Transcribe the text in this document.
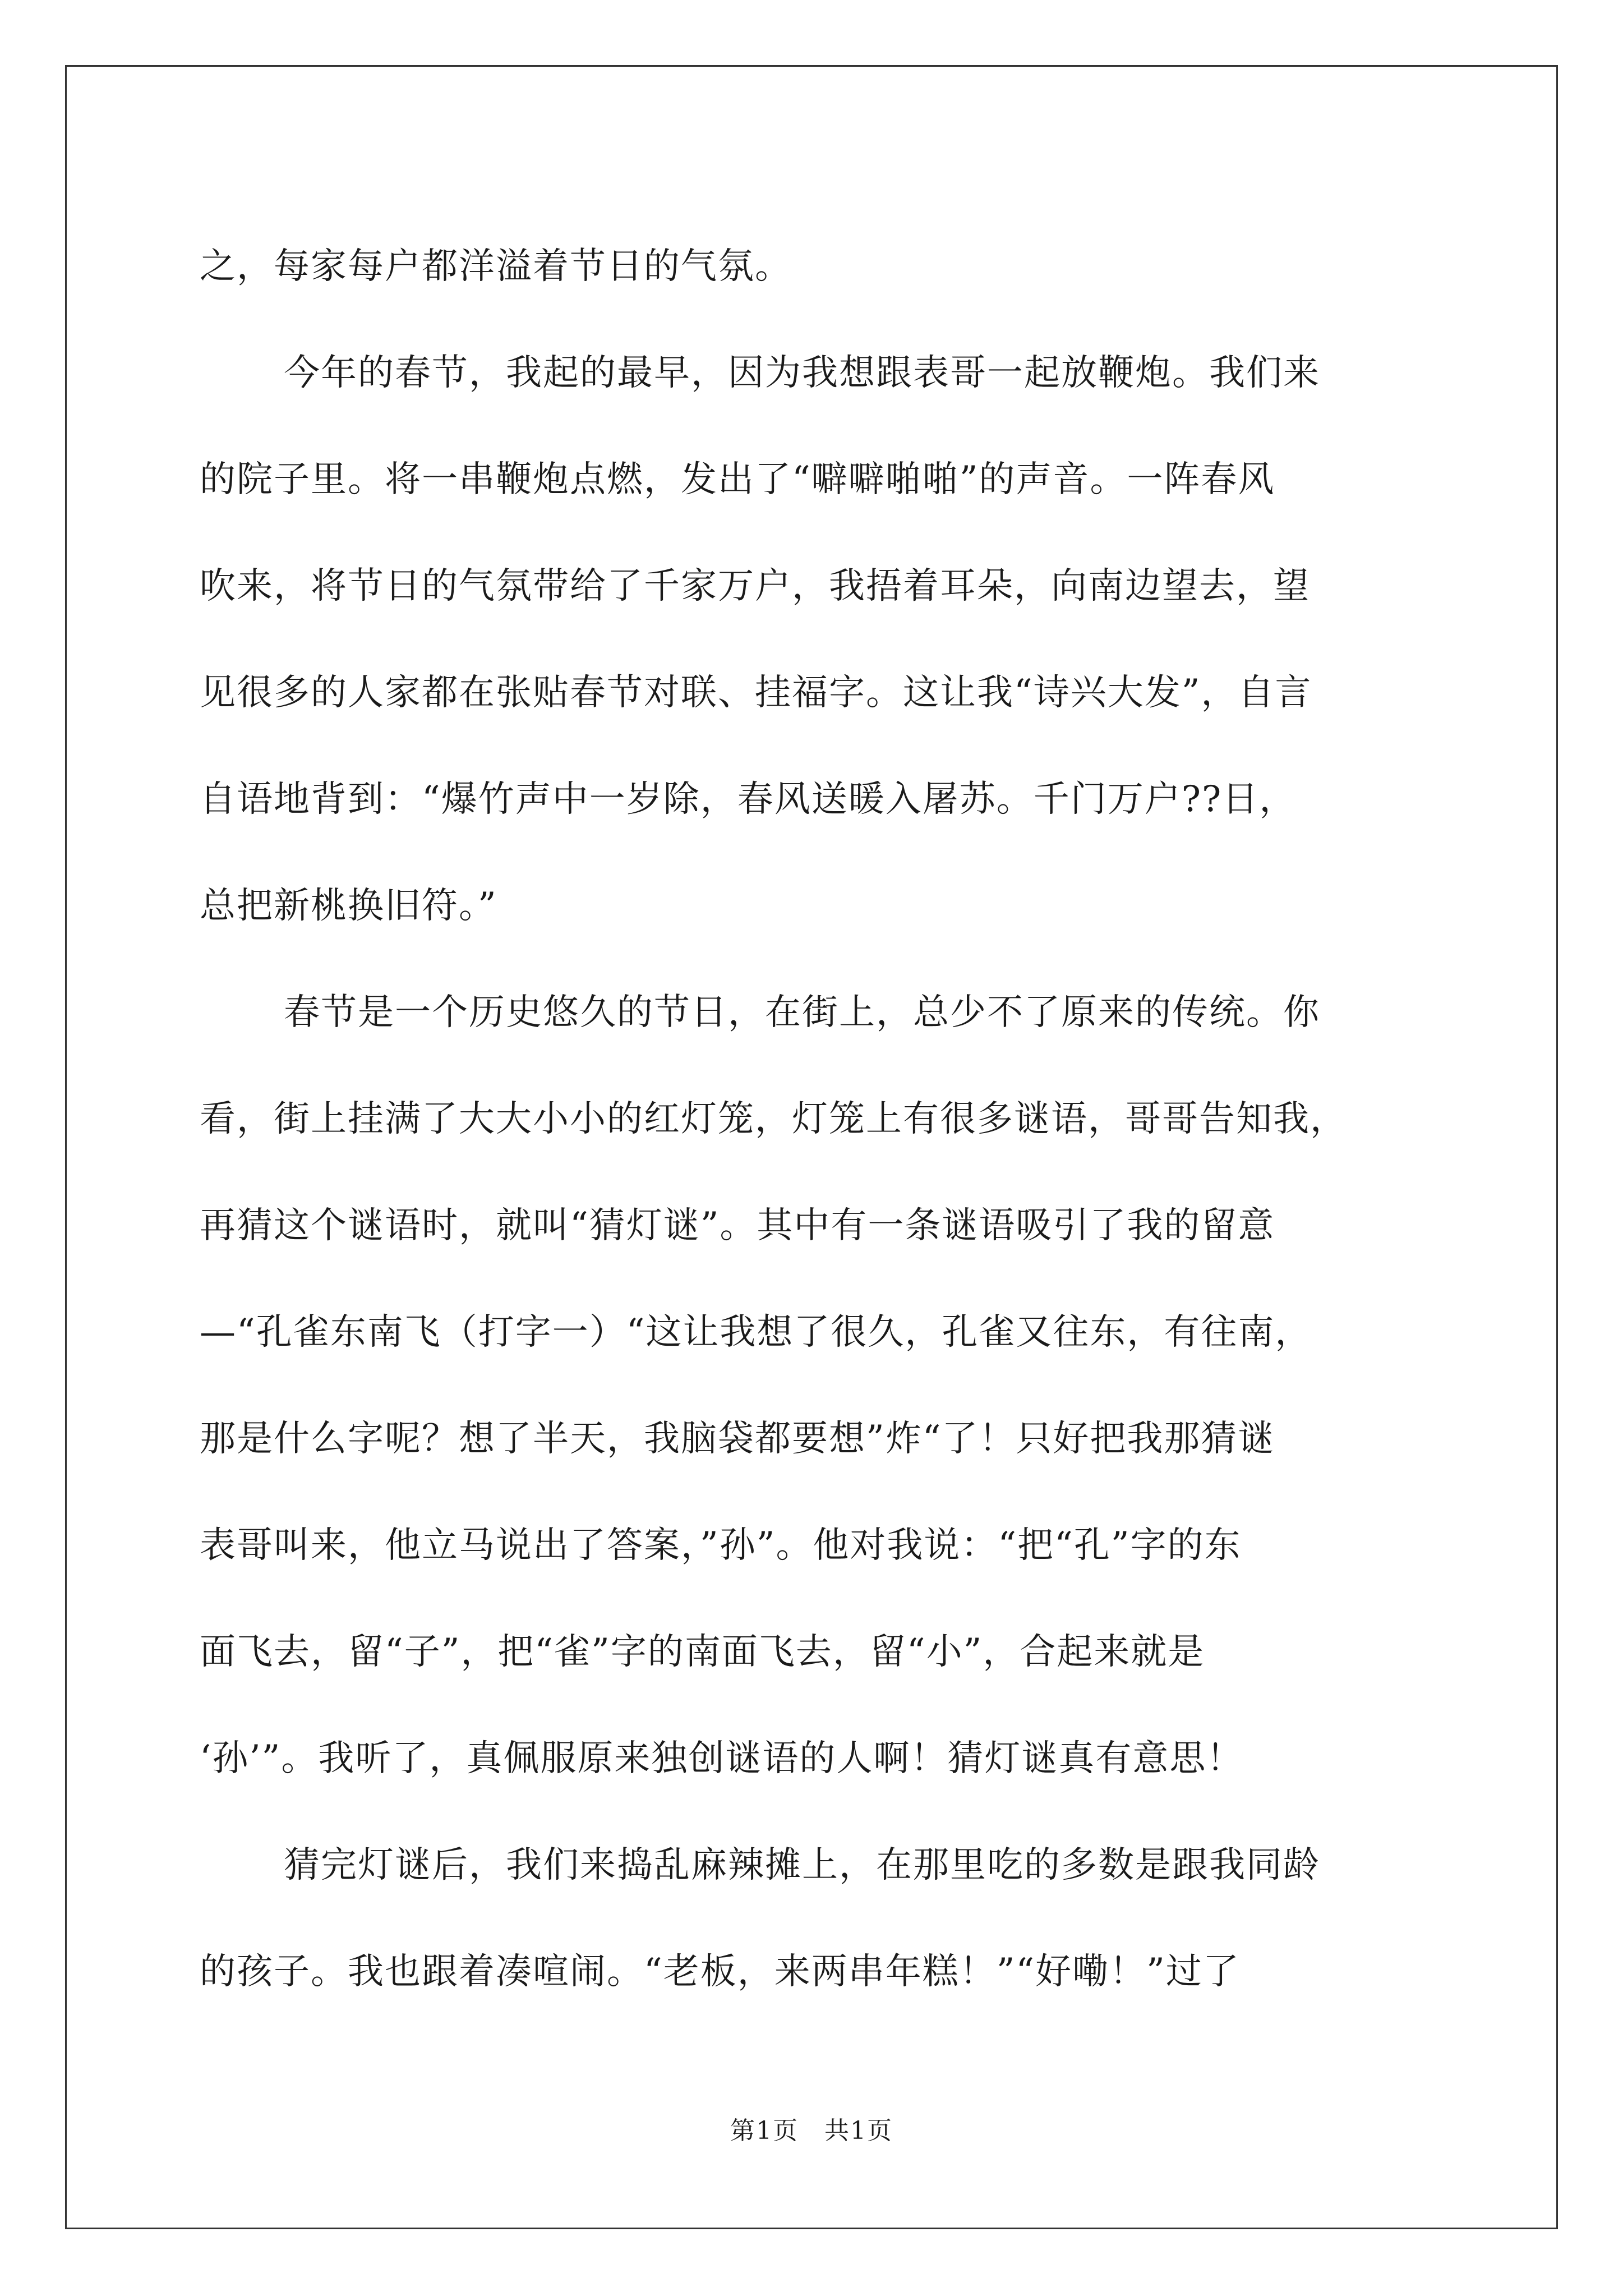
之，每家每户都洋溢着节日的气氛。
今年的春节，我起的最早，因为我想跟表哥一起放鞭炮。我们来
的院子里。将一串鞭炮点燃，发出了“噼噼啪啪”的声音。一阵春风
吹来，将节日的气氛带给了千家万户，我捂着耳朵，向南边望去，望
见很多的人家都在张贴春节对联、挂福字。这让我“诗兴大发”，自言
自语地背到：“爆竹声中一岁除，春风送暖入屠苏。千门万户??日，
总把新桃换旧符。”
春节是一个历史悠久的节日，在街上，总少不了原来的传统。你
看，街上挂满了大大小小的红灯笼，灯笼上有很多谜语，哥哥告知我，
再猜这个谜语时，就叫“猜灯谜”。其中有一条谜语吸引了我的留意
—“孔雀东南飞（打字一）“这让我想了很久，孔雀又往东，有往南，
那是什么字呢？想了半天，我脑袋都要想”炸“了！只好把我那猜谜
表哥叫来，他立马说出了答案，”孙”。他对我说：“把“孔”字的东
面飞去，留“子”，把“雀”字的南面飞去，留“小”，合起来就是
‘孙’”。我听了，真佩服原来独创谜语的人啊！猜灯谜真有意思！
猜完灯谜后，我们来捣乱麻辣摊上，在那里吃的多数是跟我同龄
的孩子。我也跟着凑喧闹。“老板，来两串年糕！”“好嘞！”过了
第1页　共1页
